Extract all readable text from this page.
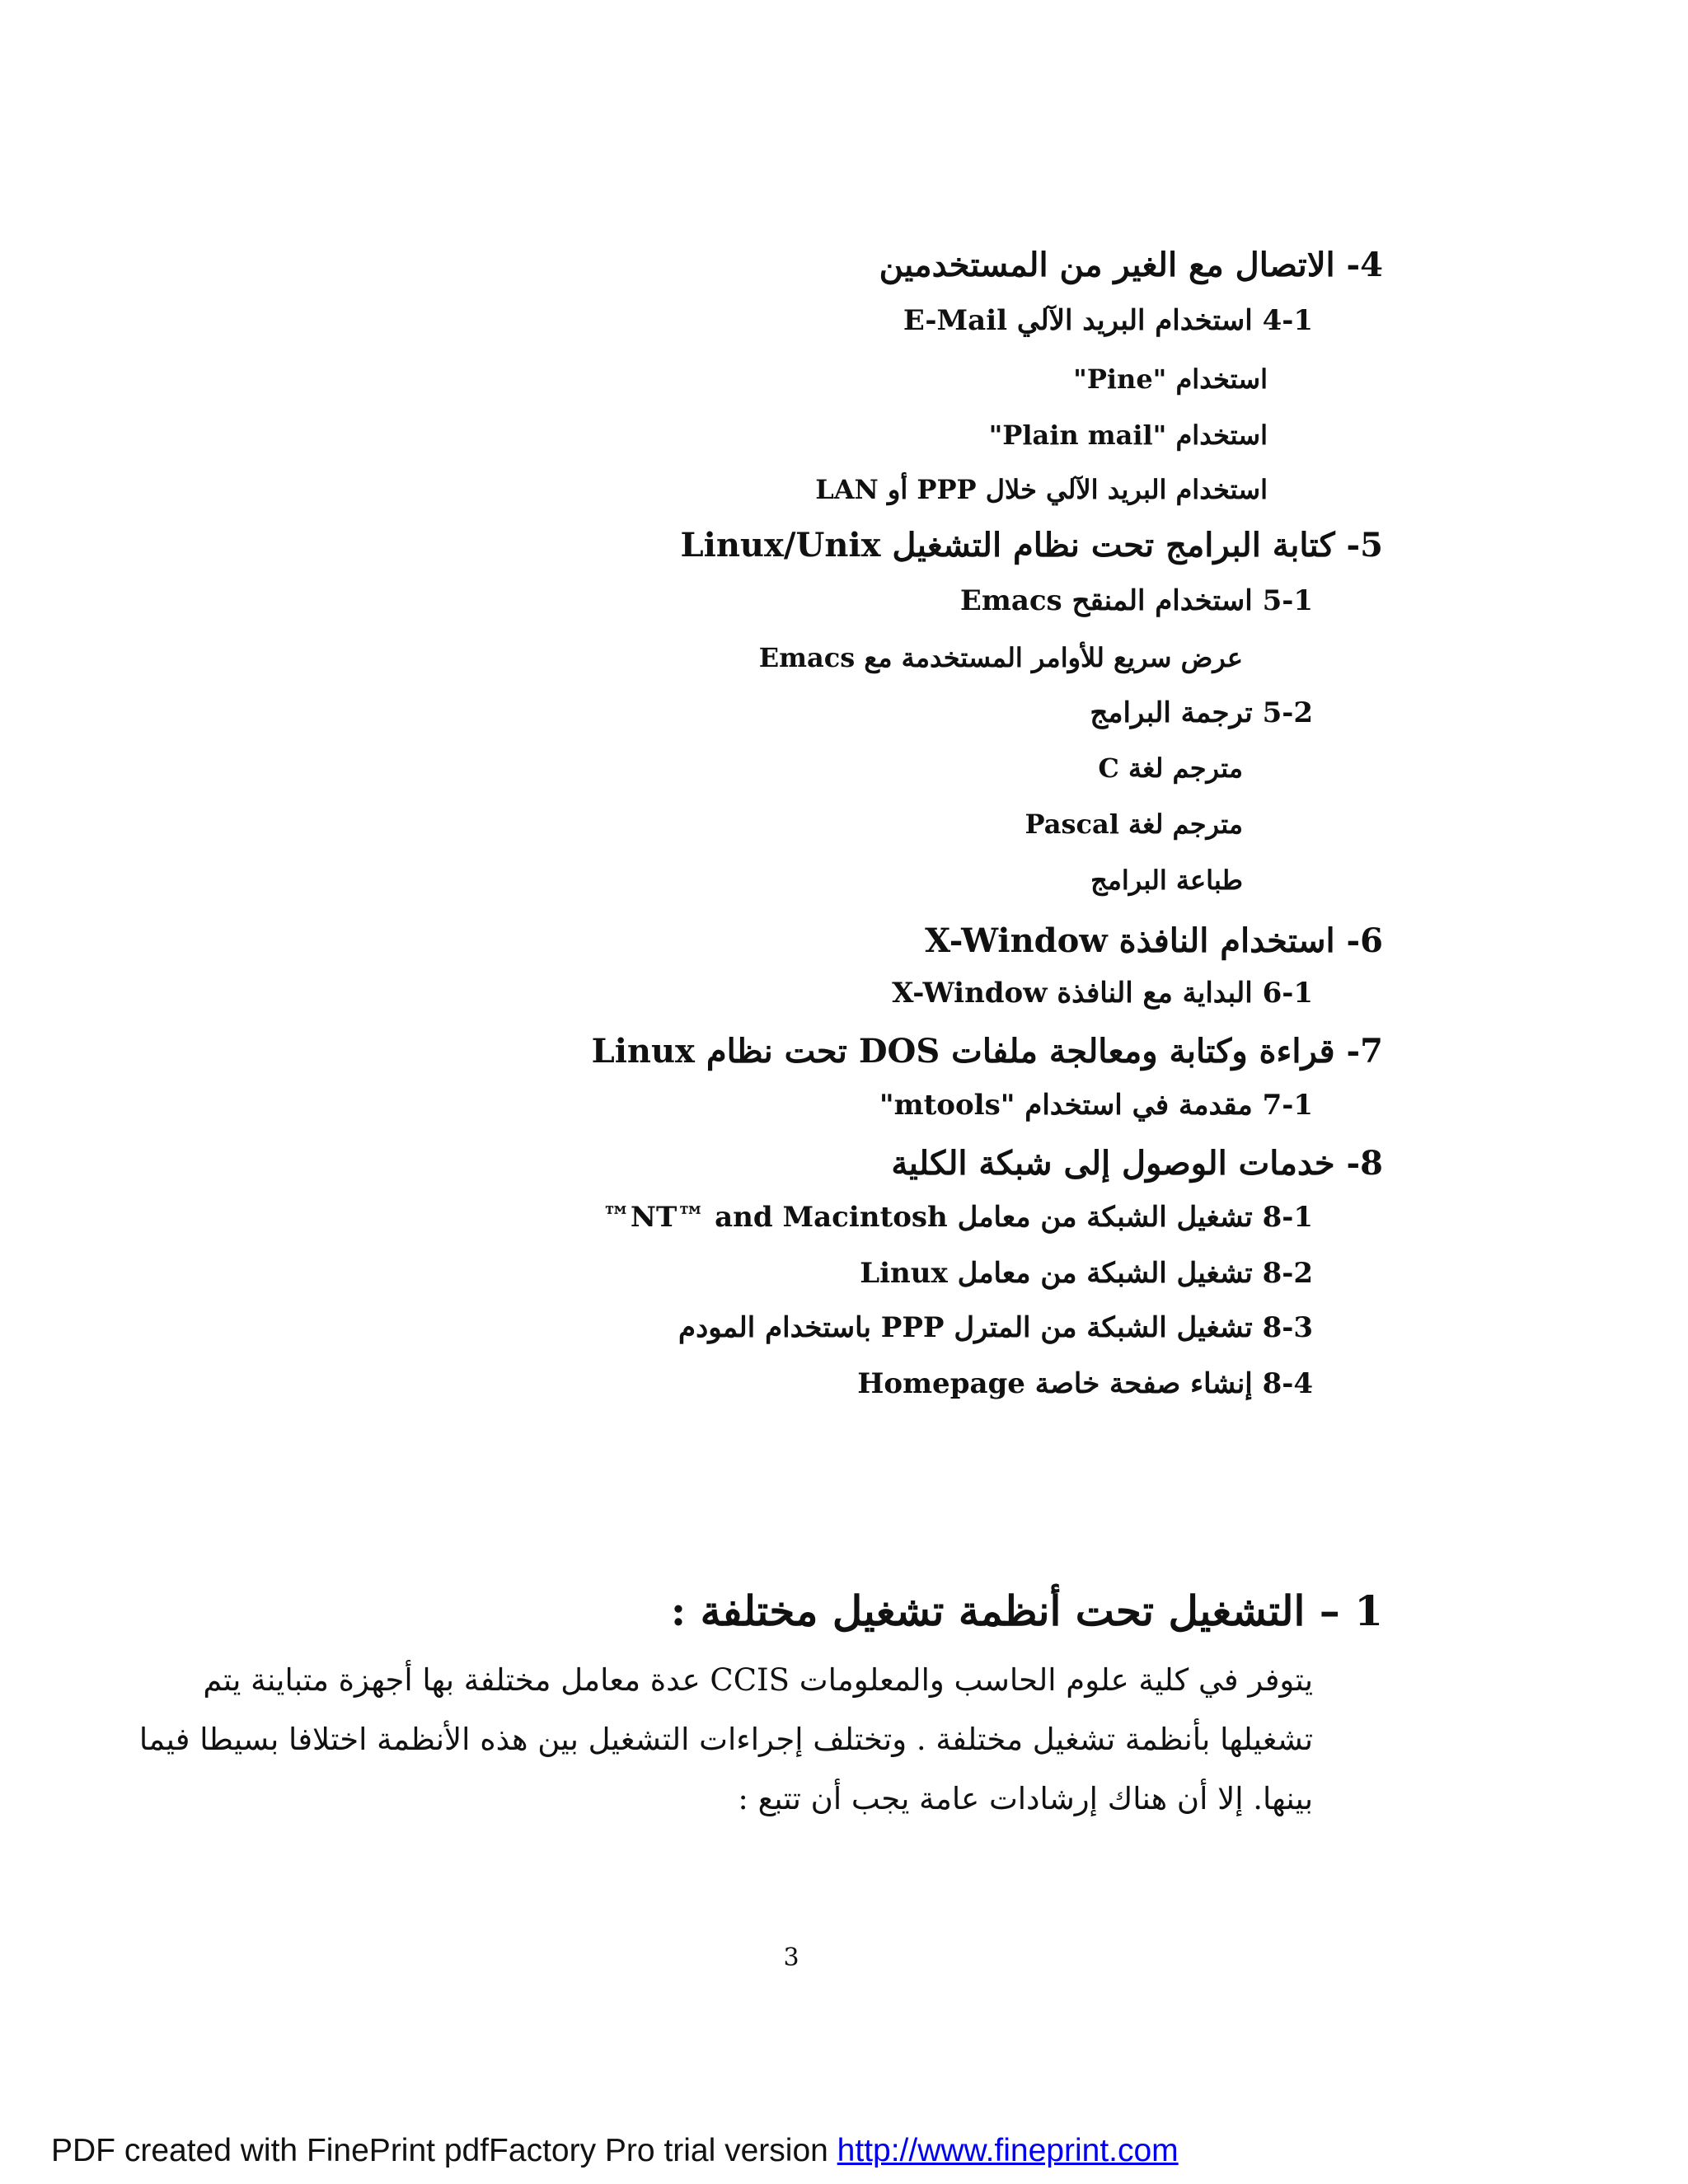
4- الاتصال مع الغير من المستخدمين
4-1 استخدام البريد الآلي E-Mail
استخدام "Pine"
استخدام "Plain mail"
استخدام البريد الآلي خلال PPP أو LAN
5- كتابة البرامج تحت نظام التشغيل Linux/Unix
5-1 استخدام المنقح Emacs
عرض سريع للأوامر المستخدمة مع Emacs
5-2 ترجمة البرامج
مترجم لغة C
مترجم لغة Pascal
طباعة البرامج
6- استخدام النافذة X-Window
6-1 البداية مع النافذة X-Window
7- قراءة وكتابة ومعالجة ملفات DOS تحت نظام Linux
7-1 مقدمة في استخدام "mtools"
8- خدمات الوصول إلى شبكة الكلية
8-1 تشغيل الشبكة من معامل NT™ and Macintosh™
8-2 تشغيل الشبكة من معامل Linux
8-3 تشغيل الشبكة من المترل PPP باستخدام المودم
8-4 إنشاء صفحة خاصة Homepage
1 – التشغيل تحت أنظمة تشغيل مختلفة :
يتوفر في كلية علوم الحاسب والمعلومات CCIS عدة معامل مختلفة بها أجهزة متباينة يتم
تشغيلها بأنظمة تشغيل مختلفة . وتختلف إجراءات التشغيل بين هذه الأنظمة اختلافا بسيطا فيما
بينها. إلا أن هناك إرشادات عامة يجب أن تتبع :
3
PDF created with FinePrint pdfFactory Pro trial version http://www.fineprint.com
